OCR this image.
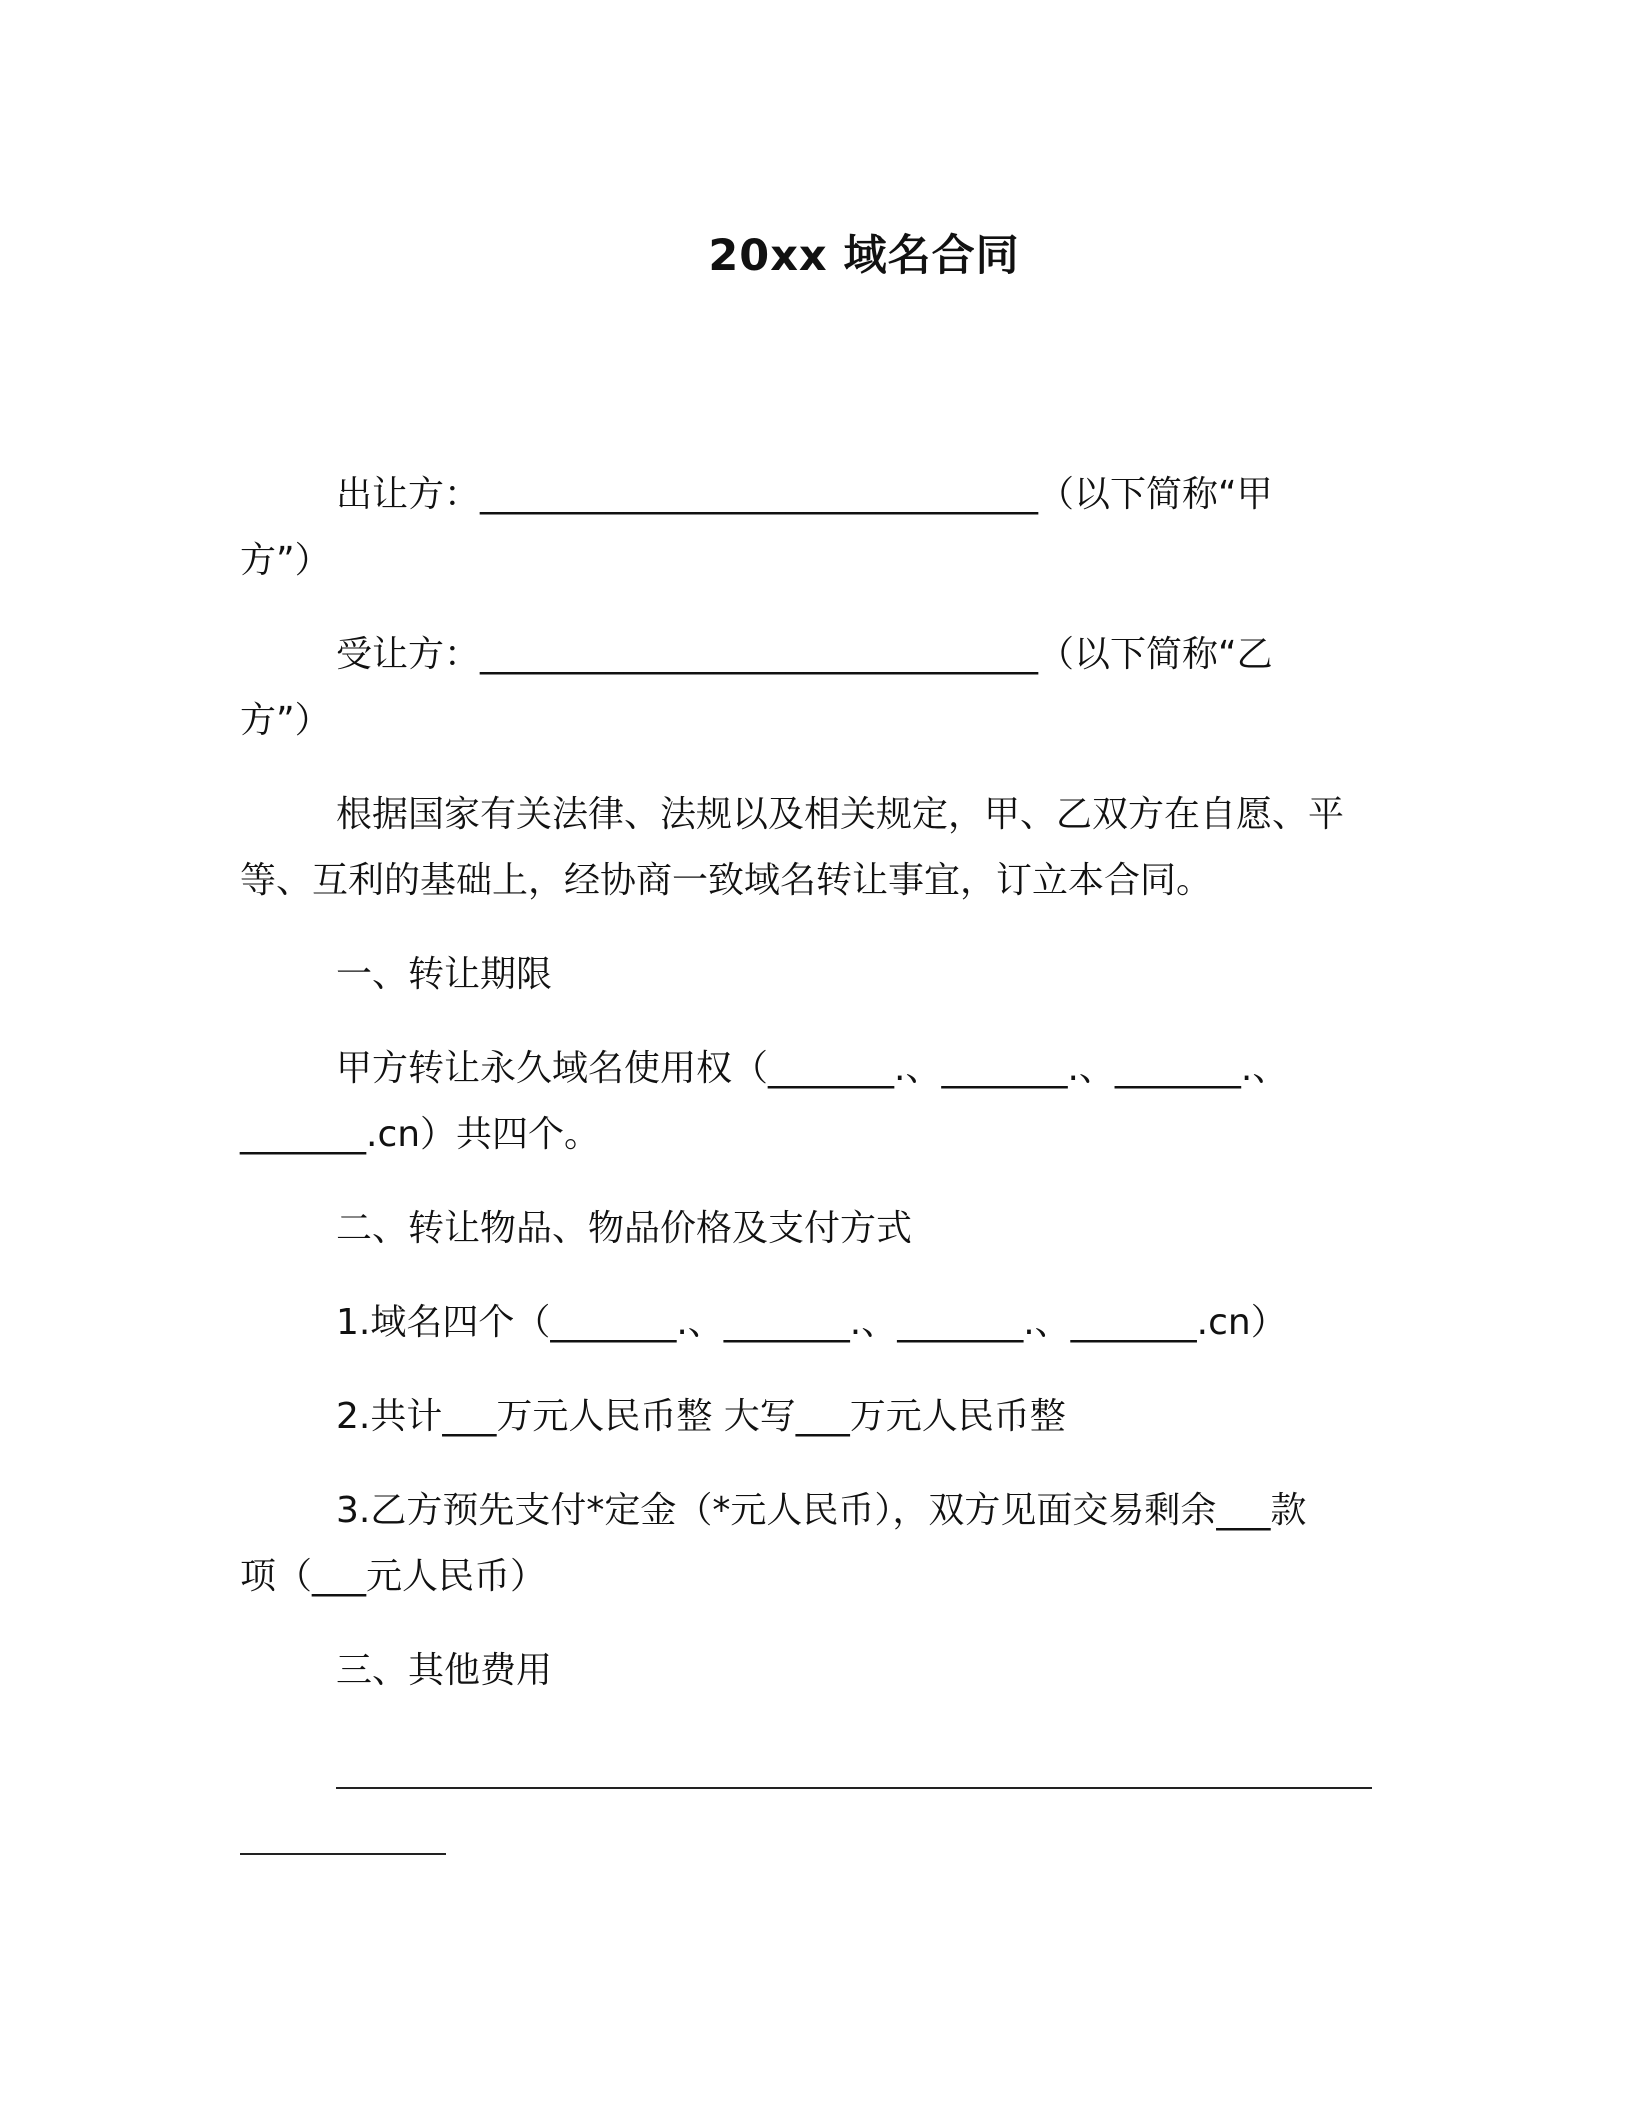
20xx 域名合同
出让方：_______________________________（以下简称“甲
方”）
受让方：_______________________________（以下简称“乙
方”）
根据国家有关法律、法规以及相关规定，甲、乙双方在自愿、平
等、互利的基础上，经协商一致域名转让事宜，订立本合同。
一、转让期限
甲方转让永久域名使用权（_______.、_______.、_______.、
_______.cn）共四个。
二、转让物品、物品价格及支付方式
1.域名四个（_______.、_______.、_______.、_______.cn）
2.共计___万元人民币整 大写___万元人民币整
3.乙方预先支付*定金（*元人民币），双方见面交易剩余___款
项（___元人民币）
三、其他费用
